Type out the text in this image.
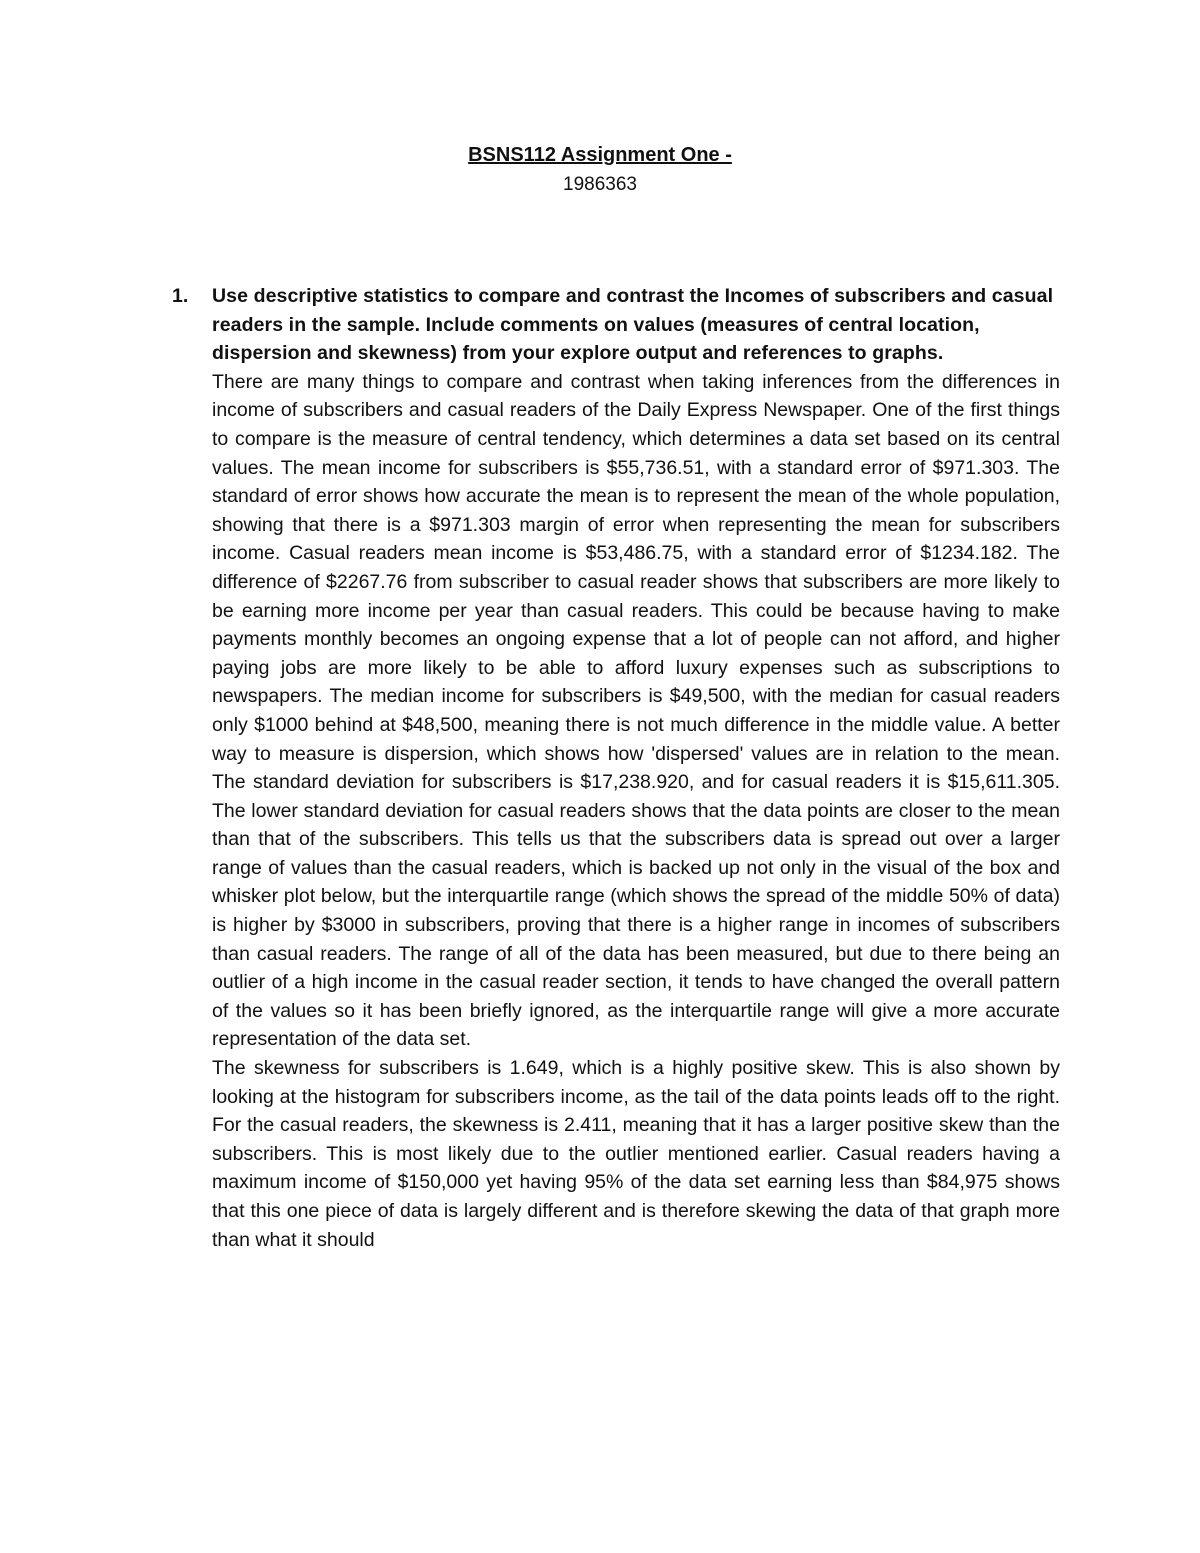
BSNS112 Assignment One -

1986363

1. Use descriptive statistics to compare and contrast the Incomes of subscribers and casual readers in the sample. Include comments on values (measures of central location, dispersion and skewness) from your explore output and references to graphs.

There are many things to compare and contrast when taking inferences from the differences in income of subscribers and casual readers of the Daily Express Newspaper. One of the first things to compare is the measure of central tendency, which determines a data set based on its central values. The mean income for subscribers is $55,736.51, with a standard error of $971.303. The standard of error shows how accurate the mean is to represent the mean of the whole population, showing that there is a $971.303 margin of error when representing the mean for subscribers income. Casual readers mean income is $53,486.75, with a standard error of $1234.182. The difference of $2267.76 from subscriber to casual reader shows that subscribers are more likely to be earning more income per year than casual readers. This could be because having to make payments monthly becomes an ongoing expense that a lot of people can not afford, and higher paying jobs are more likely to be able to afford luxury expenses such as subscriptions to newspapers. The median income for subscribers is $49,500, with the median for casual readers only $1000 behind at $48,500, meaning there is not much difference in the middle value. A better way to measure is dispersion, which shows how 'dispersed' values are in relation to the mean. The standard deviation for subscribers is $17,238.920, and for casual readers it is $15,611.305. The lower standard deviation for casual readers shows that the data points are closer to the mean than that of the subscribers. This tells us that the subscribers data is spread out over a larger range of values than the casual readers, which is backed up not only in the visual of the box and whisker plot below, but the interquartile range (which shows the spread of the middle 50% of data) is higher by $3000 in subscribers, proving that there is a higher range in incomes of subscribers than casual readers. The range of all of the data has been measured, but due to there being an outlier of a high income in the casual reader section, it tends to have changed the overall pattern of the values so it has been briefly ignored, as the interquartile range will give a more accurate representation of the data set.

The skewness for subscribers is 1.649, which is a highly positive skew. This is also shown by looking at the histogram for subscribers income, as the tail of the data points leads off to the right. For the casual readers, the skewness is 2.411, meaning that it has a larger positive skew than the subscribers. This is most likely due to the outlier mentioned earlier. Casual readers having a maximum income of $150,000 yet having 95% of the data set earning less than $84,975 shows that this one piece of data is largely different and is therefore skewing the data of that graph more than what it should
